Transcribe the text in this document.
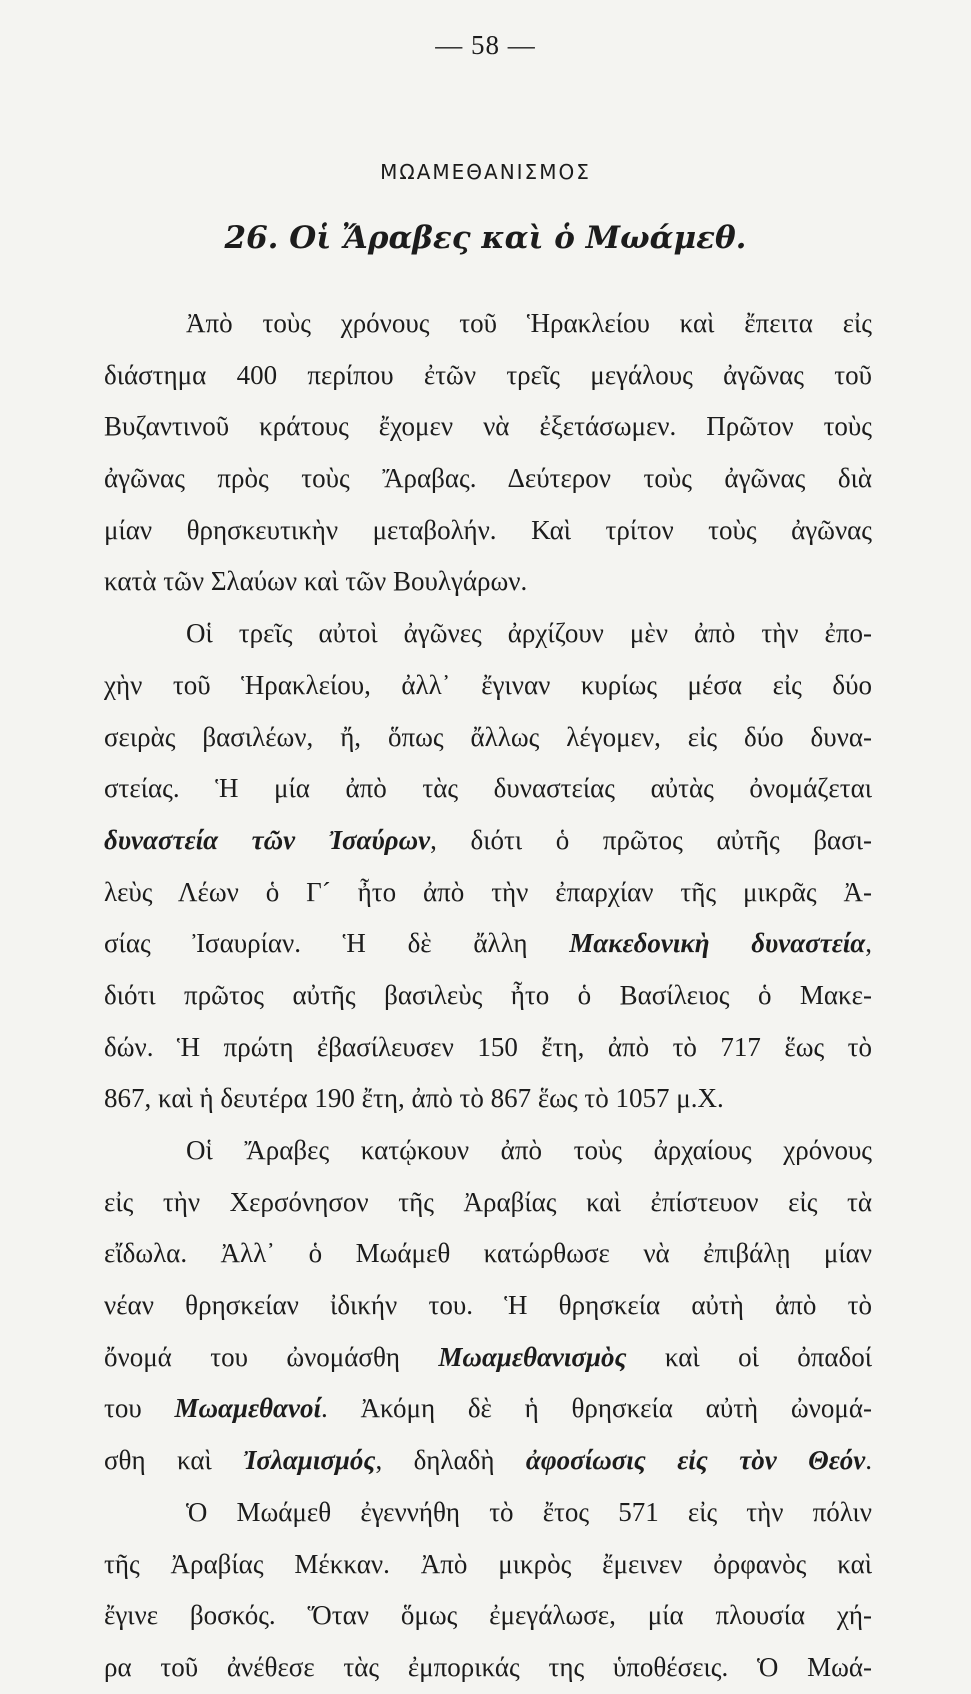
— 58 —
ΜΩΑΜΕΘΑΝΙΣΜΟΣ
26. Οἱ Ἄραβες καὶ ὁ Μωάμεθ.
Ἀπὸ τοὺς χρόνους τοῦ Ἡρακλείου καὶ ἔπειτα εἰς
διάστημα 400 περίπου ἐτῶν τρεῖς μεγάλους ἀγῶνας τοῦ
Βυζαντινοῦ κράτους ἔχομεν νὰ ἐξετάσωμεν. Πρῶτον τοὺς
ἀγῶνας πρὸς τοὺς Ἄραβας. Δεύτερον τοὺς ἀγῶνας διὰ
μίαν θρησκευτικὴν μεταβολήν. Καὶ τρίτον τοὺς ἀγῶνας
κατὰ τῶν Σλαύων καὶ τῶν Βουλγάρων.
Οἱ τρεῖς αὐτοὶ ἀγῶνες ἀρχίζουν μὲν ἀπὸ τὴν ἐπο-
χὴν τοῦ Ἡρακλείου, ἀλλ᾽ ἔγιναν κυρίως μέσα εἰς δύο
σειρὰς βασιλέων, ἤ, ὅπως ἄλλως λέγομεν, εἰς δύο δυνα-
στείας. Ἡ μία ἀπὸ τὰς δυναστείας αὐτὰς ὀνομάζεται
δυναστεία τῶν Ἰσαύρων, διότι ὁ πρῶτος αὐτῆς βασι-
λεὺς Λέων ὁ Γ´ ἦτο ἀπὸ τὴν ἐπαρχίαν τῆς μικρᾶς Ἀ-
σίας Ἰσαυρίαν. Ἡ δὲ ἄλλη Μακεδονικὴ δυναστεία,
διότι πρῶτος αὐτῆς βασιλεὺς ἦτο ὁ Βασίλειος ὁ Μακε-
δών. Ἡ πρώτη ἐβασίλευσεν 150 ἔτη, ἀπὸ τὸ 717 ἕως τὸ
867, καὶ ἡ δευτέρα 190 ἔτη, ἀπὸ τὸ 867 ἕως τὸ 1057 μ.Χ.
Οἱ Ἄραβες κατῴκουν ἀπὸ τοὺς ἀρχαίους χρόνους
εἰς τὴν Χερσόνησον τῆς Ἀραβίας καὶ ἐπίστευον εἰς τὰ
εἴδωλα. Ἀλλ᾽ ὁ Μωάμεθ κατώρθωσε νὰ ἐπιβάλῃ μίαν
νέαν θρησκείαν ἰδικήν του. Ἡ θρησκεία αὐτὴ ἀπὸ τὸ
ὄνομά του ὠνομάσθη Μωαμεθανισμὸς καὶ οἱ ὀπαδοί
του Μωαμεθανοί. Ἀκόμη δὲ ἡ θρησκεία αὐτὴ ὠνομά-
σθη καὶ Ἰσλαμισμός, δηλαδὴ ἀφοσίωσις εἰς τὸν Θεόν.
Ὁ Μωάμεθ ἐγεννήθη τὸ ἔτος 571 εἰς τὴν πόλιν
τῆς Ἀραβίας Μέκκαν. Ἀπὸ μικρὸς ἔμεινεν ὀρφανὸς καὶ
ἔγινε βοσκός. Ὅταν ὅμως ἐμεγάλωσε, μία πλουσία χή-
ρα τοῦ ἀνέθεσε τὰς ἐμπορικάς της ὑποθέσεις. Ὁ Μωά-
